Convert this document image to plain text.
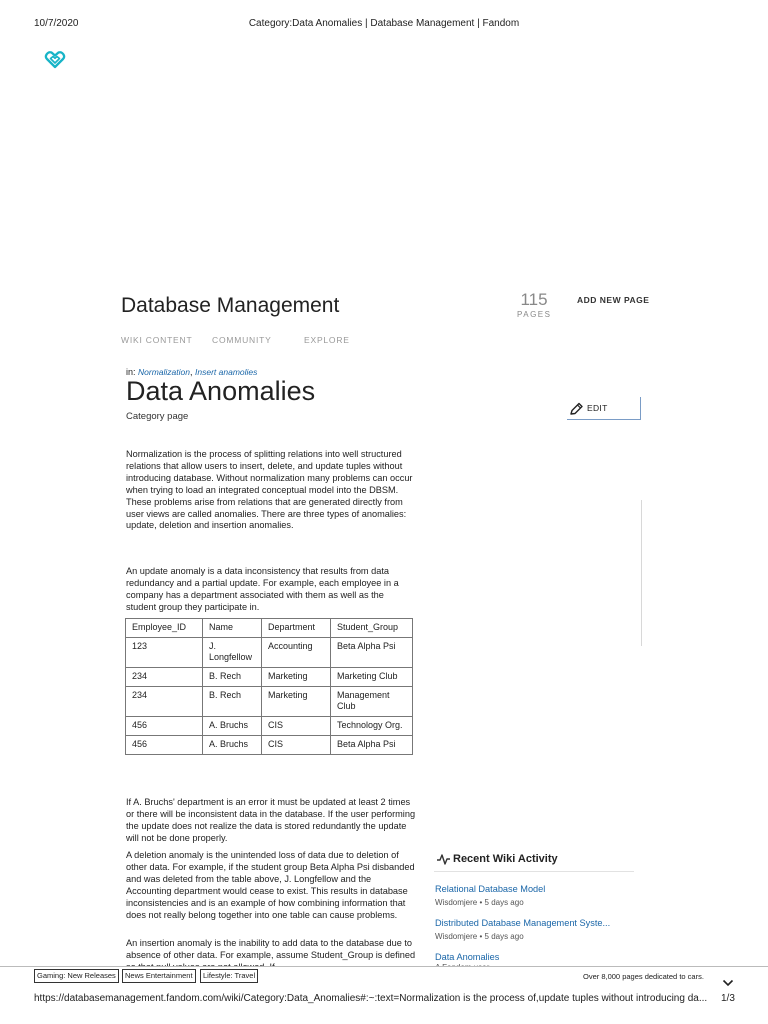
10/7/2020	Category:Data Anomalies | Database Management | Fandom
Database Management	115
PAGES
ADD NEW PAGE
WIKI CONTENT COMMUNITY	EXPLORE
in: Normalization, Insert anamolies
Data Anomalies
Category page
EDIT
Normalization is the process of splitting relations into well structured relations that allow users to insert, delete, and update tuples without introducing database. Without normalization many problems can occur when trying to load an integrated conceptual model into the DBSM. These problems arise from relations that are generated directly from user views are called anomalies. There are three types of anomalies: update, deletion and insertion anomalies.
An update anomaly is a data inconsistency that results from data redundancy and a partial update. For example, each employee in a company has a department associated with them as well as the student group they participate in.
Employee_ID	Name	Department	Student_Group
123	J. Longfellow	Accounting	Beta Alpha Psi
234	B. Rech	Marketing	Marketing Club
234	B. Rech	Marketing	Management Club
456	A. Bruchs	CIS	Technology Org.
456	A. Bruchs	CIS	Beta Alpha Psi
If A. Bruchs' department is an error it must be updated at least 2 times or there will be inconsistent data in the database. If the user performing the update does not realize the data is stored redundantly the update will not be done properly.
A deletion anomaly is the unintended loss of data due to deletion of other data. For example, if the student group Beta Alpha Psi disbanded and was deleted from the table above, J. Longfellow and the Accounting department would cease to exist. This results in database inconsistencies and is an example of how combining information that does not really belong together into one table can cause problems.
An insertion anomaly is the inability to add data to the database due to absence of other data. For example, assume Student_Group is defined
Recent Wiki Activity
Relational Database Model
Wisdomjere • 5 days ago
Distributed Database Management Syste...
Wisdomjere • 5 days ago
Data Anomalies
Gaming: New Releases	News Entertainment	Lifestyle: Travel	Over 8,000 pages dedicated to cars.
https://databasemanagement.fandom.com/wiki/Category:Data_Anomalies#:~:text=Normalization is the process of,update tuples without introducing da...	1/3
